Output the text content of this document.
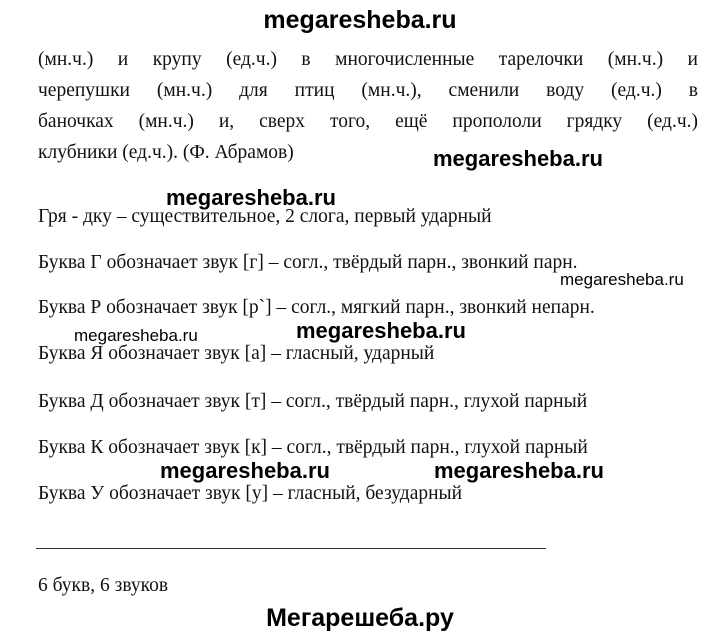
megaresheba.ru
(мн.ч.) и крупу (ед.ч.) в многочисленные тарелочки (мн.ч.) и
черепушки (мн.ч.) для птиц (мн.ч.), сменили воду (ед.ч.) в
баночках (мн.ч.) и, сверх того, ещё пропололи грядку (ед.ч.)
клубники (ед.ч.). (Ф. Абрамов)	megaresheba.ru
megaresheba.ru
Гря - дку – существительное, 2 слога, первый ударный
Буква Г обозначает звук [г] – согл., твёрдый парн., звонкий парн.
megaresheba.ru
Буква Р обозначает звук [р`] – согл., мягкий парн., звонкий непарн.
megaresheba.ru	megaresheba.ru
Буква Я обозначает звук [а] – гласный, ударный
Буква Д обозначает звук [т] – согл., твёрдый парн., глухой парный
Буква К обозначает звук [к] – согл., твёрдый парн., глухой парный
megaresheba.ru	megaresheba.ru
Буква У обозначает звук [у] – гласный, безударный
6 букв, 6 звуков
Мегарешеба.ру
